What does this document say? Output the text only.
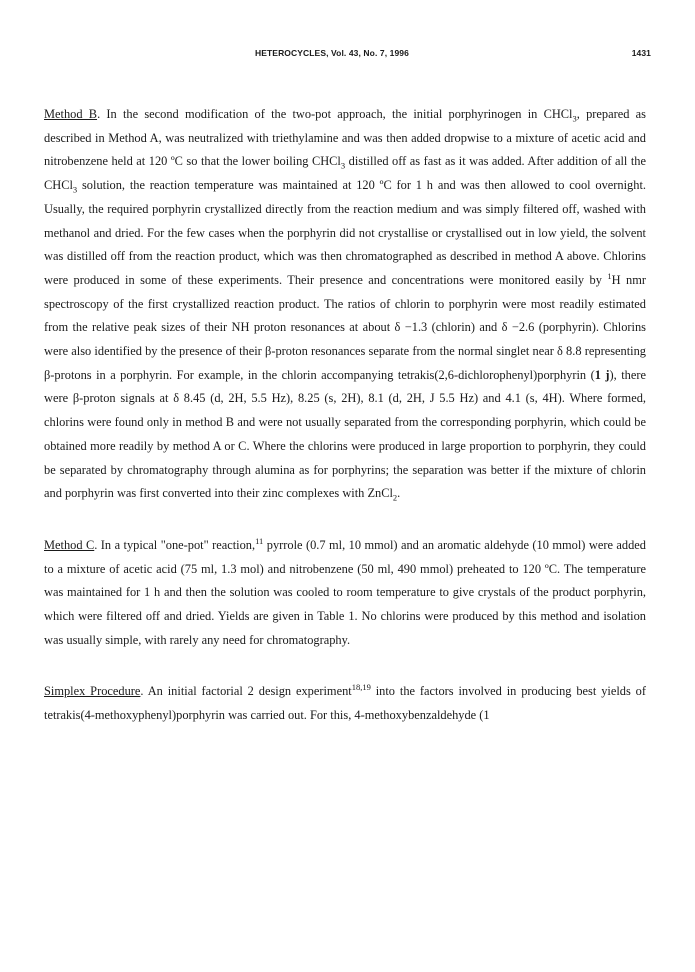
HETEROCYCLES, Vol. 43, No. 7, 1996	1431

Method B. In the second modification of the two-pot approach, the initial porphyrinogen in CHCl$_3$, prepared as described in Method A, was neutralized with triethylamine and was then added dropwise to a mixture of acetic acid and nitrobenzene held at 120 ºC so that the lower boiling CHCl$_3$ distilled off as fast as it was added. After addition of all the CHCl$_3$ solution, the reaction temperature was maintained at 120 ºC for 1 h and was then allowed to cool overnight. Usually, the required porphyrin crystallized directly from the reaction medium and was simply filtered off, washed with methanol and dried. For the few cases when the porphyrin did not crystallise or crystallised out in low yield, the solvent was distilled off from the reaction product, which was then chromatographed as described in method A above. Chlorins were produced in some of these experiments. Their presence and concentrations were monitored easily by $^1$H nmr spectroscopy of the first crystallized reaction product. The ratios of chlorin to porphyrin were most readily estimated from the relative peak sizes of their NH proton resonances at about δ −1.3 (chlorin) and δ −2.6 (porphyrin). Chlorins were also identified by the presence of their β-proton resonances separate from the normal singlet near δ 8.8 representing β-protons in a porphyrin. For example, in the chlorin accompanying tetrakis(2,6-dichlorophenyl)porphyrin (1 j), there were β-proton signals at δ 8.45 (d, 2H, 5.5 Hz), 8.25 (s, 2H), 8.1 (d, 2H, J 5.5 Hz) and 4.1 (s, 4H). Where formed, chlorins were found only in method B and were not usually separated from the corresponding porphyrin, which could be obtained more readily by method A or C. Where the chlorins were produced in large proportion to porphyrin, they could be separated by chromatography through alumina as for porphyrins; the separation was better if the mixture of chlorin and porphyrin was first converted into their zinc complexes with ZnCl$_2$.

Method C. In a typical "one-pot" reaction,$^{11}$ pyrrole (0.7 ml, 10 mmol) and an aromatic aldehyde (10 mmol) were added to a mixture of acetic acid (75 ml, 1.3 mol) and nitrobenzene (50 ml, 490 mmol) preheated to 120 ºC. The temperature was maintained for 1 h and then the solution was cooled to room temperature to give crystals of the product porphyrin, which were filtered off and dried. Yields are given in Table 1. No chlorins were produced by this method and isolation was usually simple, with rarely any need for chromatography.

Simplex Procedure. An initial factorial 2 design experiment$^{18,19}$ into the factors involved in producing best yields of tetrakis(4-methoxyphenyl)porphyrin was carried out. For this, 4-methoxybenzaldehyde (1
